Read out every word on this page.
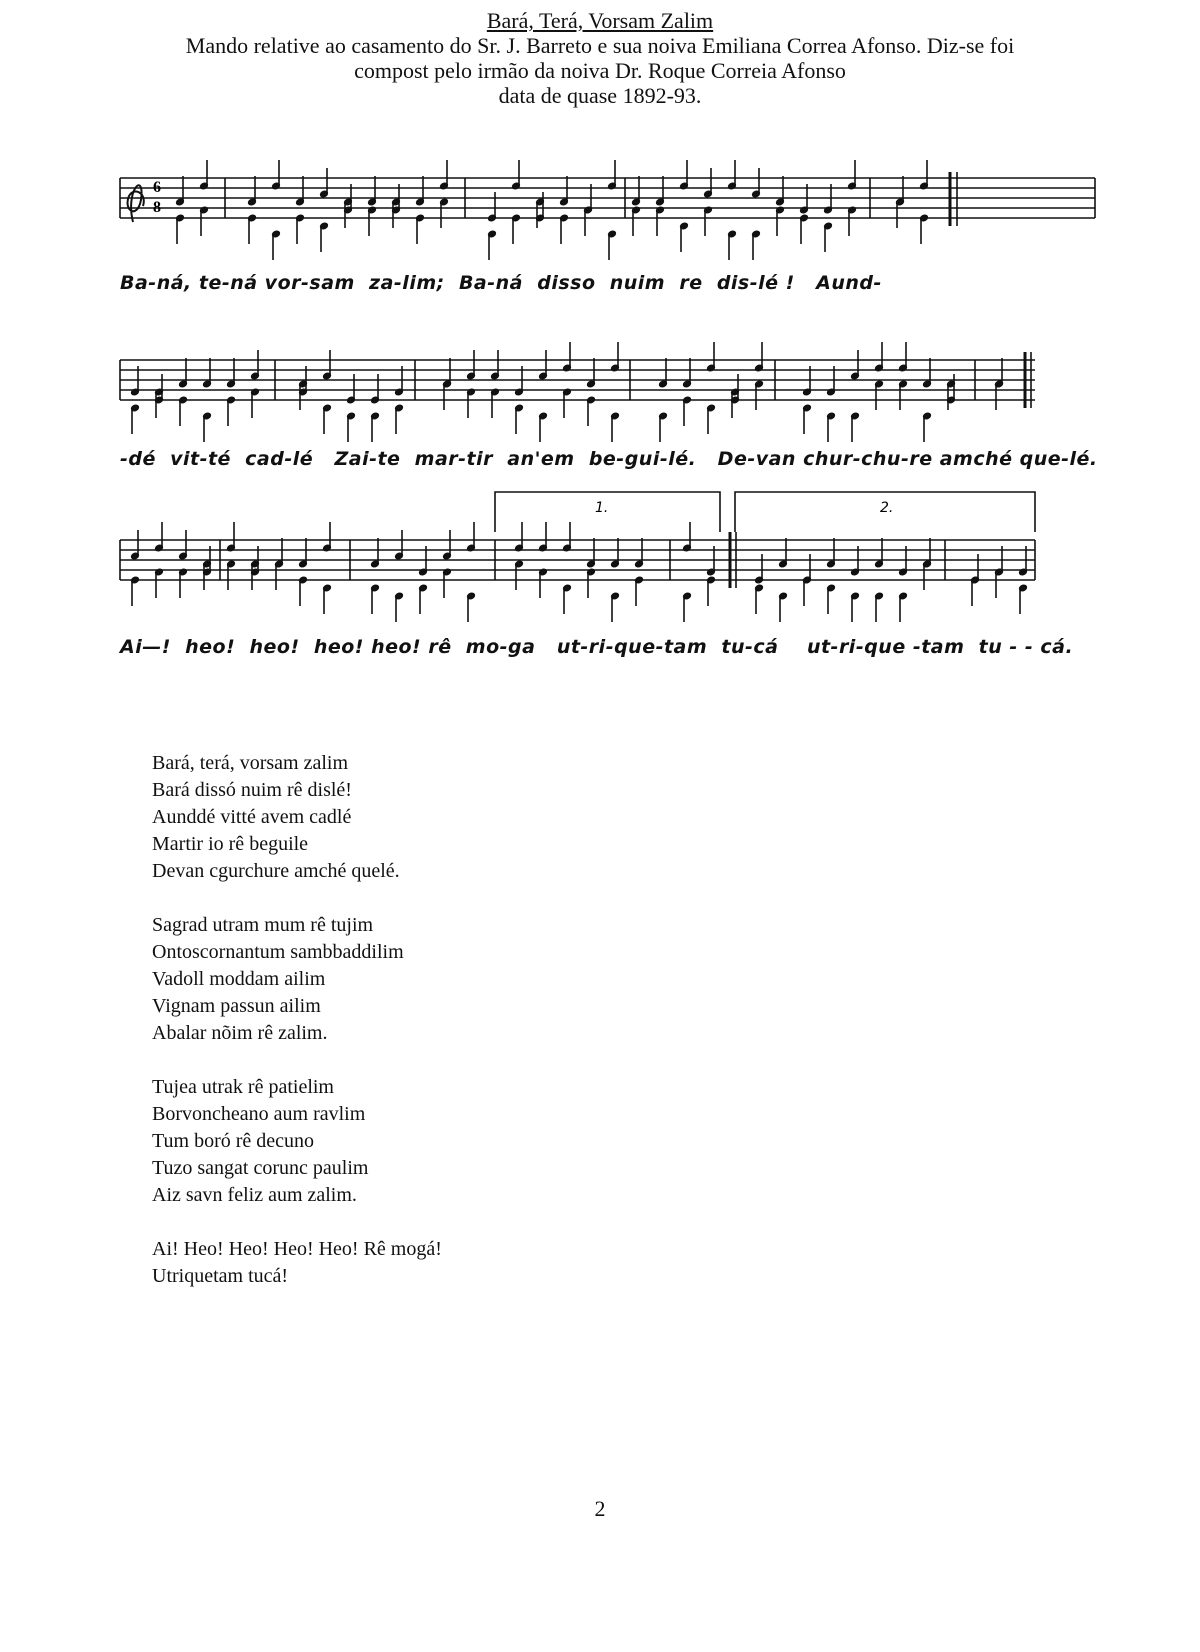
Bará, Terá, Vorsam Zalim
Mando relative ao casamento do Sr. J. Barreto e sua noiva Emiliana Correa Afonso. Diz-se foi
compost pelo irmão da noiva Dr. Roque Correia Afonso
data de quase 1892-93.
6
8
1.	2.
Ba-ná, te-ná vor-sam  za-lim;  Ba-ná  disso  nuim  re  dis-lé !   Aund-
-dé  vit-té  cad-lé   Zai-te  mar-tir  an'em  be-gui-lé.   De-van chur-chu-re amché que-lé.
Ai—!  heo!  heo!  heo! heo! rê  mo-ga   ut-ri-que-tam  tu-cá    ut-ri-que -tam  tu - - cá.
Bará, terá, vorsam zalim
Bará dissó nuim rê dislé!
Aunddé vitté avem cadlé
Martir io rê beguile
Devan cgurchure amché quelé.
Sagrad utram mum rê tujim
Ontoscornantum sambbaddilim
Vadoll moddam ailim
Vignam passun ailim
Abalar nõim rê zalim.
Tujea utrak rê patielim
Borvoncheano aum ravlim
Tum boró rê decuno
Tuzo sangat corunc paulim
Aiz savn feliz aum zalim.
Ai! Heo! Heo! Heo! Heo! Rê mogá!
Utriquetam tucá!
2
